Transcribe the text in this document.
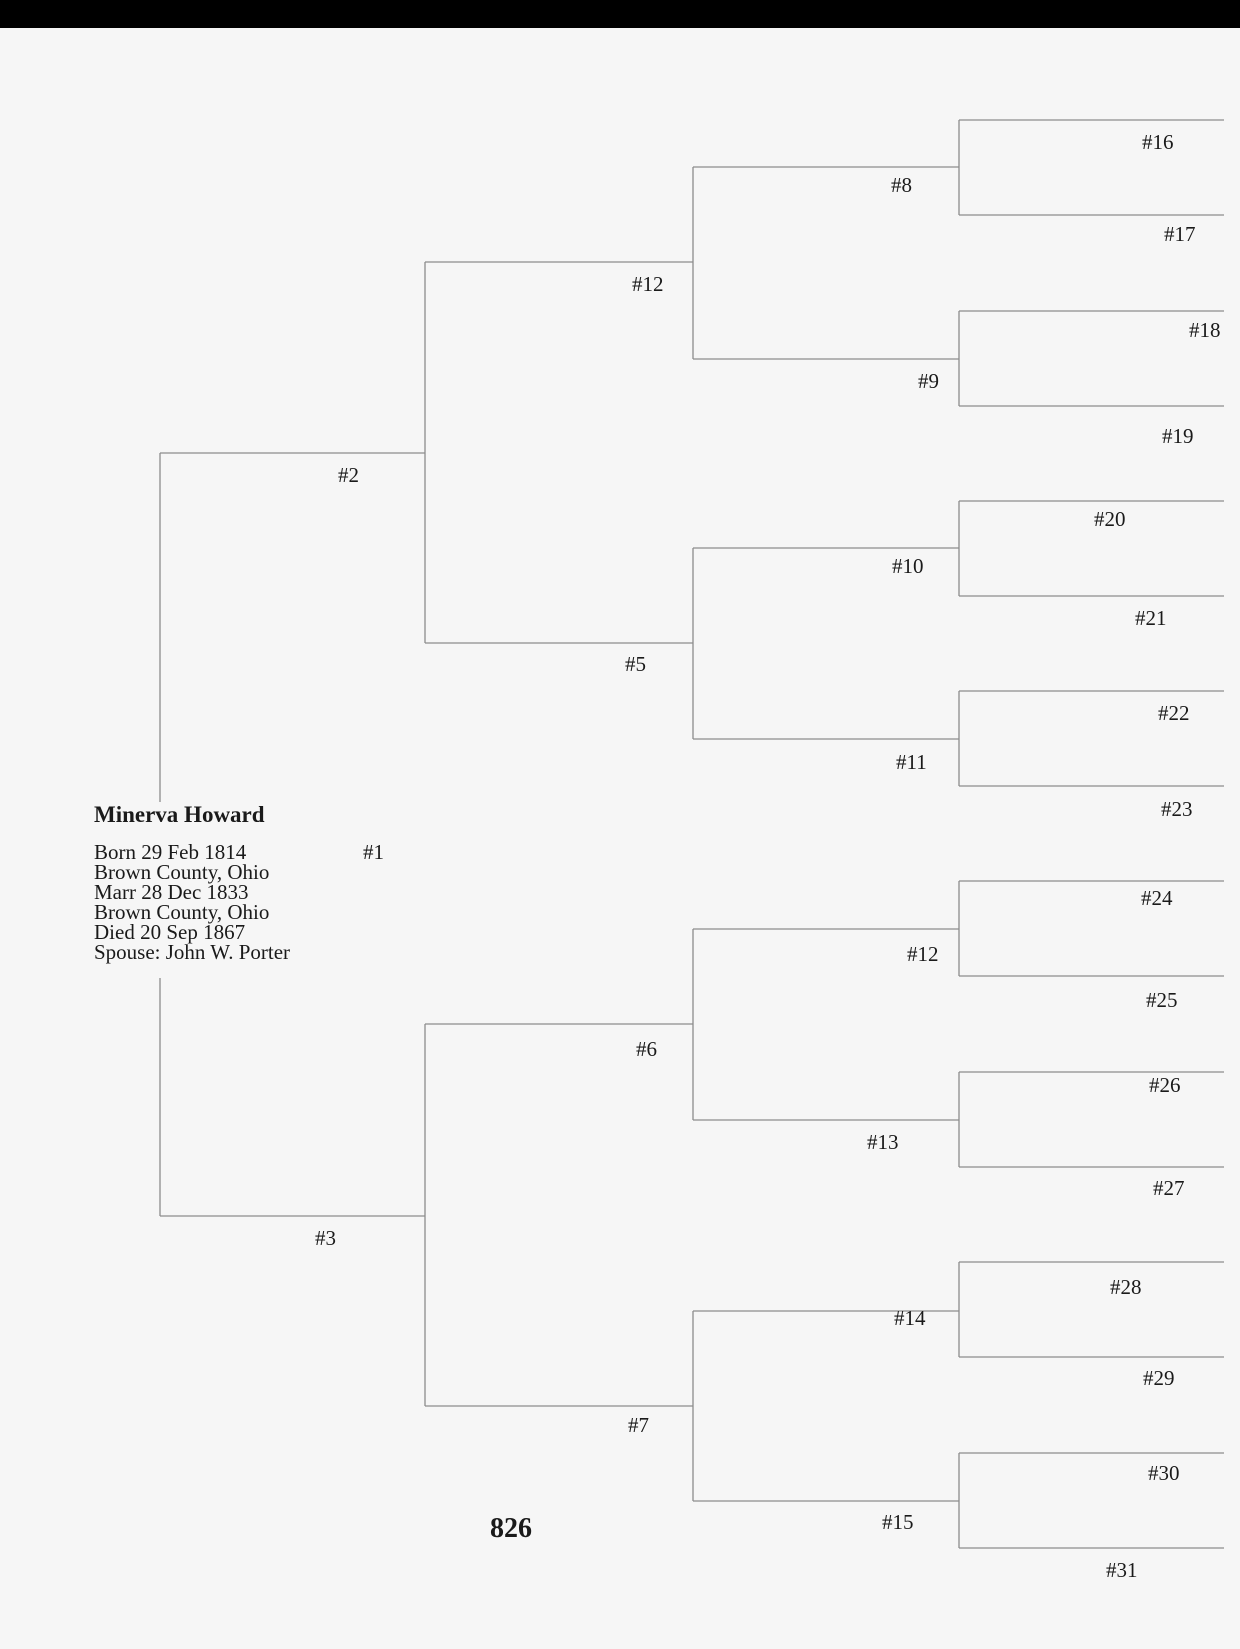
Minerva Howard
Born 29 Feb 1814
Brown County, Ohio
Marr 28 Dec 1833
Brown County, Ohio
Died 20 Sep 1867
Spouse: John W. Porter
#1
#2
#3
#12
#5
#6
#7
#8
#9
#10
#11
#12
#13
#14
#15
#16
#17
#18
#19
#20
#21
#22
#23
#24
#25
#26
#27
#28
#29
#30
#31
826
